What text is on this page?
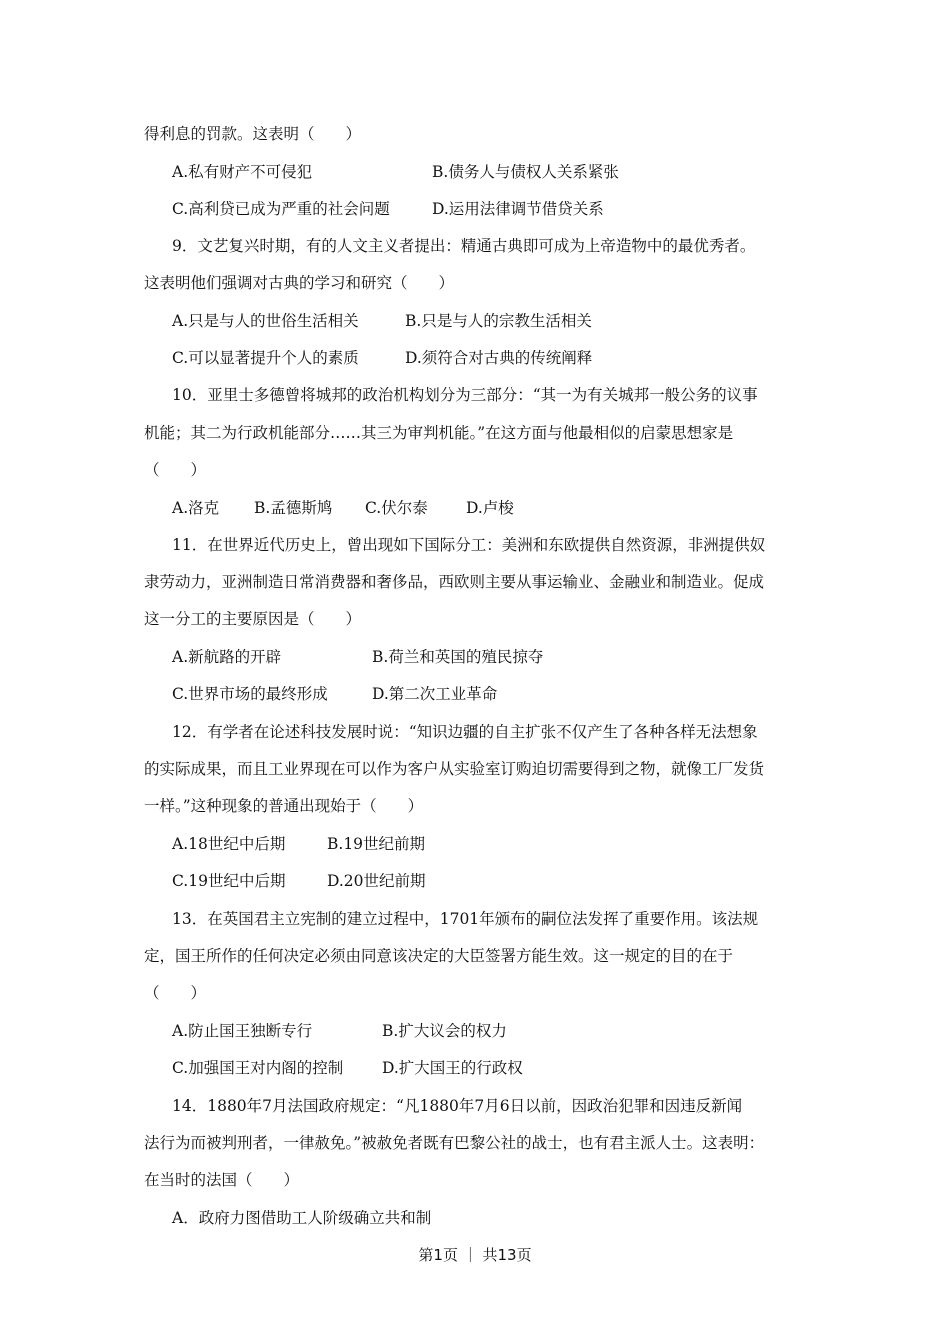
得利息的罚款。这表明（　　）
A.私有财产不可侵犯	B.债务人与债权人关系紧张
C.高利贷已成为严重的社会问题	D.运用法律调节借贷关系
9．文艺复兴时期，有的人文主义者提出：精通古典即可成为上帝造物中的最优秀者。
这表明他们强调对古典的学习和研究（　　）
A.只是与人的世俗生活相关	B.只是与人的宗教生活相关
C.可以显著提升个人的素质	D.须符合对古典的传统阐释
10．亚里士多德曾将城邦的政治机构划分为三部分：“其一为有关城邦一般公务的议事
机能；其二为行政机能部分……其三为审判机能。”在这方面与他最相似的启蒙思想家是
（　　）
A.洛克 B.孟德斯鸠 C.伏尔泰 D.卢梭
11．在世界近代历史上，曾出现如下国际分工：美洲和东欧提供自然资源，非洲提供奴
隶劳动力，亚洲制造日常消费器和奢侈品，西欧则主要从事运输业、金融业和制造业。促成
这一分工的主要原因是（　　）
A.新航路的开辟	B.荷兰和英国的殖民掠夺
C.世界市场的最终形成	D.第二次工业革命
12．有学者在论述科技发展时说：“知识边疆的自主扩张不仅产生了各种各样无法想象
的实际成果，而且工业界现在可以作为客户从实验室订购迫切需要得到之物，就像工厂发货
一样。”这种现象的普通出现始于（　　）
A.18世纪中后期	B.19世纪前期
C.19世纪中后期	D.20世纪前期
13．在英国君主立宪制的建立过程中，1701年颁布的嗣位法发挥了重要作用。该法规
定，国王所作的任何决定必须由同意该决定的大臣签署方能生效。这一规定的目的在于
（　　）
A.防止国王独断专行	B.扩大议会的权力
C.加强国王对内阁的控制	D.扩大国王的行政权
14．1880年7月法国政府规定：“凡1880年7月6日以前，因政治犯罪和因违反新闻
法行为而被判刑者，一律赦免。”被赦免者既有巴黎公社的战士，也有君主派人士。这表明：
在当时的法国（　　）
A．政府力图借助工人阶级确立共和制
第1页 ｜ 共13页
